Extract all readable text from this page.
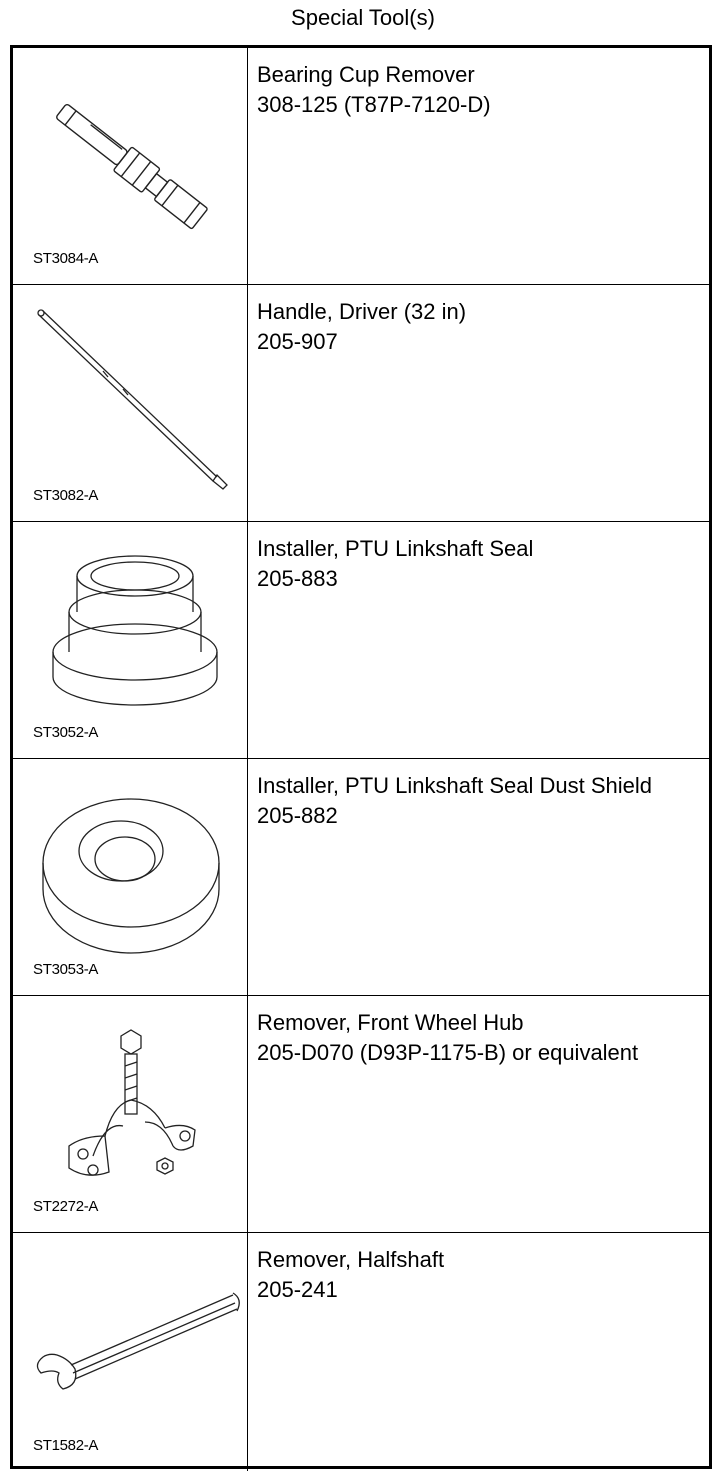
Special Tool(s)
ST3084-A
Bearing Cup Remover
308-125 (T87P-7120-D)
ST3082-A
Handle, Driver (32 in)
205-907
ST3052-A
Installer, PTU Linkshaft Seal
205-883
ST3053-A
Installer, PTU Linkshaft Seal Dust Shield
205-882
ST2272-A
Remover, Front Wheel Hub
205-D070 (D93P-1175-B) or equivalent
ST1582-A
Remover, Halfshaft
205-241
